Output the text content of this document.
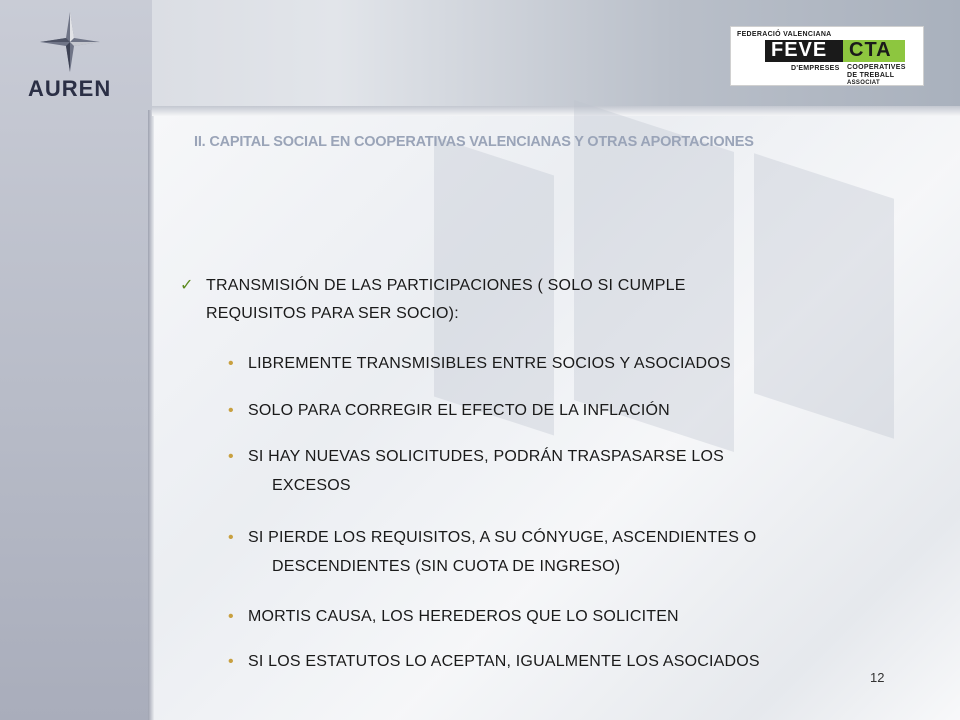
AUREN
FEDERACIÓ VALENCIANA
FEVE CTA
D'EMPRESES COOPERATIVES
DE TREBALL
ASSOCIAT
II. CAPITAL SOCIAL EN COOPERATIVAS VALENCIANAS Y OTRAS APORTACIONES
✓ TRANSMISIÓN DE LAS PARTICIPACIONES ( SOLO SI CUMPLE
REQUISITOS PARA SER SOCIO):
• LIBREMENTE TRANSMISIBLES ENTRE SOCIOS Y ASOCIADOS
• SOLO PARA CORREGIR EL EFECTO DE LA INFLACIÓN
• SI HAY NUEVAS SOLICITUDES, PODRÁN TRASPASARSE LOS
EXCESOS
• SI PIERDE LOS REQUISITOS, A SU CÓNYUGE, ASCENDIENTES O
DESCENDIENTES (SIN CUOTA DE INGRESO)
• MORTIS CAUSA, LOS HEREDEROS QUE LO SOLICITEN
• SI LOS ESTATUTOS LO ACEPTAN, IGUALMENTE LOS ASOCIADOS
12
